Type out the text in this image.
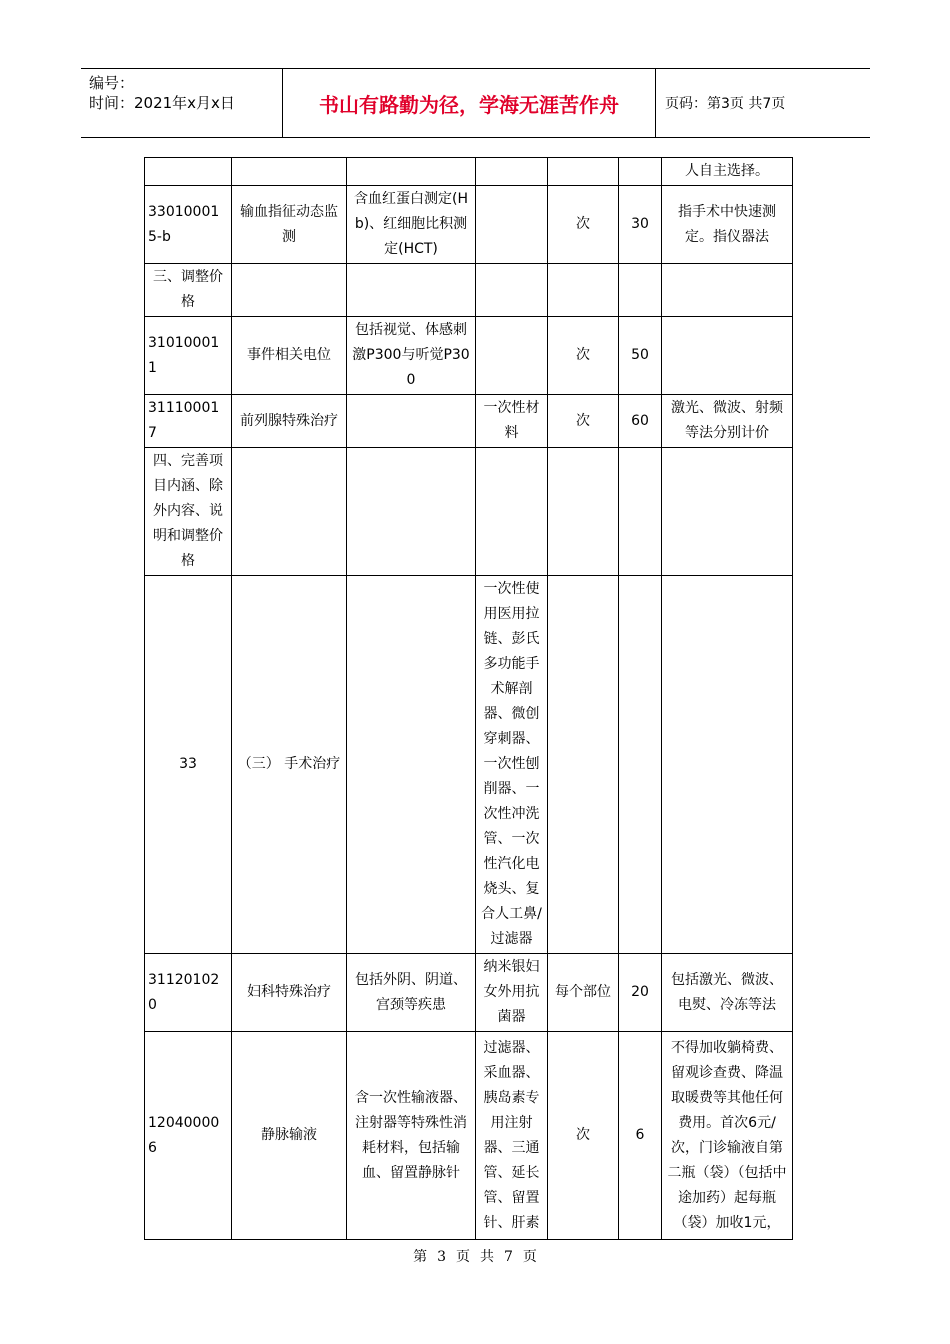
编号：
时间：2021年x月x日	书山有路勤为径，学海无涯苦作舟	页码：第3页 共7页
						人自主选择。
330100015-b	输血指征动态监测	含血红蛋白测定(Hb)、红细胞比积测定(HCT)		次	30	指手术中快速测定。指仪器法
三、调整价格						
310100011	事件相关电位	包括视觉、体感刺激P300与听觉P300		次	50	
311100017	前列腺特殊治疗		一次性材料	次	60	激光、微波、射频等法分别计价
四、完善项目内涵、除外内容、说明和调整价格						
33	（三） 手术治疗		一次性使用医用拉链、彭氏多功能手术解剖器、微创穿刺器、一次性刨削器、一次性冲洗管、一次性汽化电烧头、复合人工鼻/过滤器			
311201020	妇科特殊治疗	包括外阴、阴道、宫颈等疾患	纳米银妇女外用抗菌器	每个部位	20	包括激光、微波、电熨、冷冻等法
120400006	静脉输液	含一次性输液器、注射器等特殊性消耗材料，包括输血、留置静脉针	过滤器、采血器、胰岛素专用注射器、三通管、延长管、留置针、肝素	次	6	不得加收躺椅费、留观诊查费、降温取暖费等其他任何费用。首次6元/次，门诊输液自第二瓶（袋）（包括中途加药）起每瓶（袋）加收1元，
第 3 页 共 7 页
